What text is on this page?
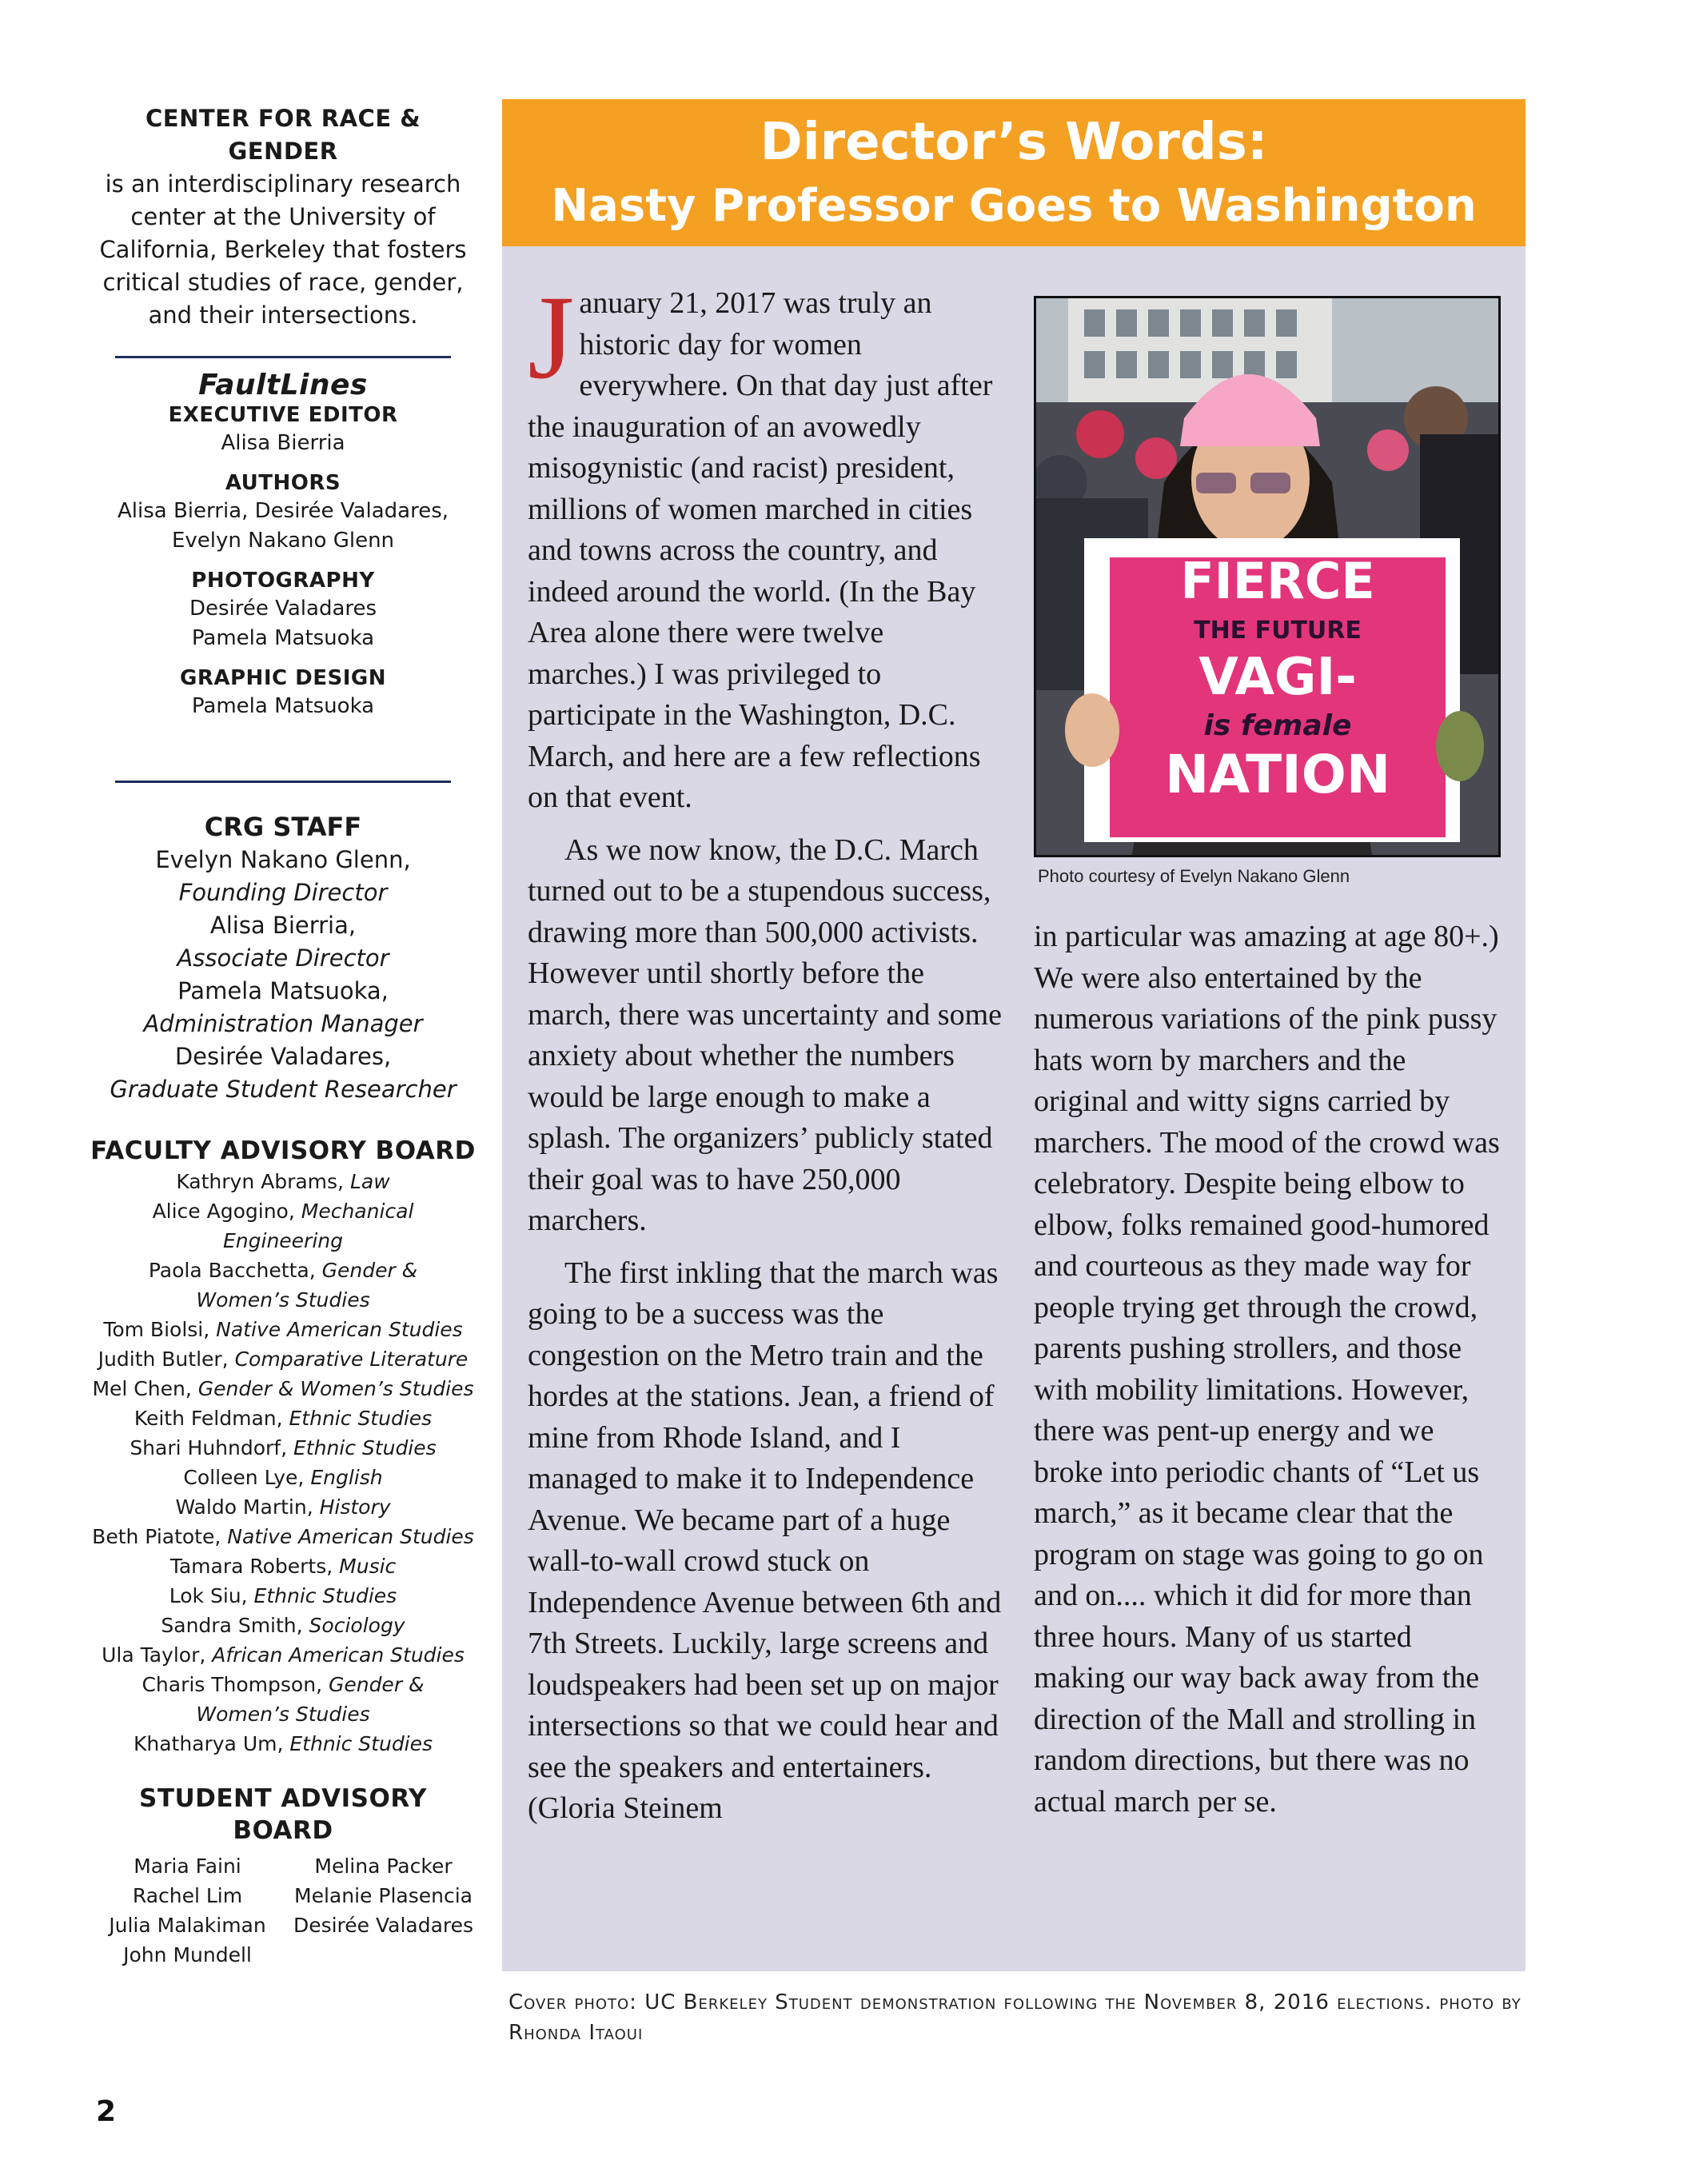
CENTER FOR RACE & GENDER
is an interdisciplinary research center at the University of California, Berkeley that fosters critical studies of race, gender, and their intersections.
FaultLines
EXECUTIVE EDITOR
Alisa Bierria
AUTHORS
Alisa Bierria, Desirée Valadares,
Evelyn Nakano Glenn
PHOTOGRAPHY
Desirée Valadares
Pamela Matsuoka
GRAPHIC DESIGN
Pamela Matsuoka
CRG STAFF
Evelyn Nakano Glenn,
Founding Director
Alisa Bierria,
Associate Director
Pamela Matsuoka,
Administration Manager
Desirée Valadares,
Graduate Student Researcher
FACULTY ADVISORY BOARD
Kathryn Abrams, Law
Alice Agogino, Mechanical Engineering
Paola Bacchetta, Gender &
Women’s Studies
Tom Biolsi, Native American Studies
Judith Butler, Comparative Literature
Mel Chen, Gender & Women’s Studies
Keith Feldman, Ethnic Studies
Shari Huhndorf, Ethnic Studies
Colleen Lye, English
Waldo Martin, History
Beth Piatote, Native American Studies
Tamara Roberts, Music
Lok Siu, Ethnic Studies
Sandra Smith, Sociology
Ula Taylor, African American Studies
Charis Thompson, Gender &
Women’s Studies
Khatharya Um, Ethnic Studies
STUDENT ADVISORY BOARD
Maria Faini	Melina Packer
Rachel Lim	Melanie Plasencia
Julia Malakiman	Desirée Valadares
John Mundell
Director’s Words:
Nasty Professor Goes to Washington

January 21, 2017 was truly an historic day for women everywhere. On that day just after the inauguration of an avowedly misogynistic (and racist) president, millions of women marched in cities and towns across the country, and indeed around the world. (In the Bay Area alone there were twelve marches.) I was privileged to participate in the Washington, D.C. March, and here are a few reflections on that event.

As we now know, the D.C. March turned out to be a stupendous success, drawing more than 500,000 activists. However until shortly before the march, there was uncertainty and some anxiety about whether the numbers would be large enough to make a splash. The organizers’ publicly stated their goal was to have 250,000 marchers.

The first inkling that the march was going to be a success was the congestion on the Metro train and the hordes at the stations. Jean, a friend of mine from Rhode Island, and I managed to make it to Independence Avenue. We became part of a huge wall-to-wall crowd stuck on Independence Avenue between 6th and 7th Streets. Luckily, large screens and loudspeakers had been set up on major intersections so that we could hear and see the speakers and entertainers. (Gloria Steinem

FIERCE
THE FUTURE
VAGI-
is female
NATION
Photo courtesy of Evelyn Nakano Glenn

in particular was amazing at age 80+.) We were also entertained by the numerous variations of the pink pussy hats worn by marchers and the original and witty signs carried by marchers. The mood of the crowd was celebratory. Despite being elbow to elbow, folks remained good-humored and courteous as they made way for people trying get through the crowd, parents pushing strollers, and those with mobility limitations. However, there was pent-up energy and we broke into periodic chants of “Let us march,” as it became clear that the program on stage was going to go on and on.... which it did for more than three hours. Many of us started making our way back away from the direction of the Mall and strolling in random directions, but there was no actual march per se.

Cover photo: UC Berkeley Student demonstration following the November 8, 2016 elections. photo by Rhonda Itaoui
2
